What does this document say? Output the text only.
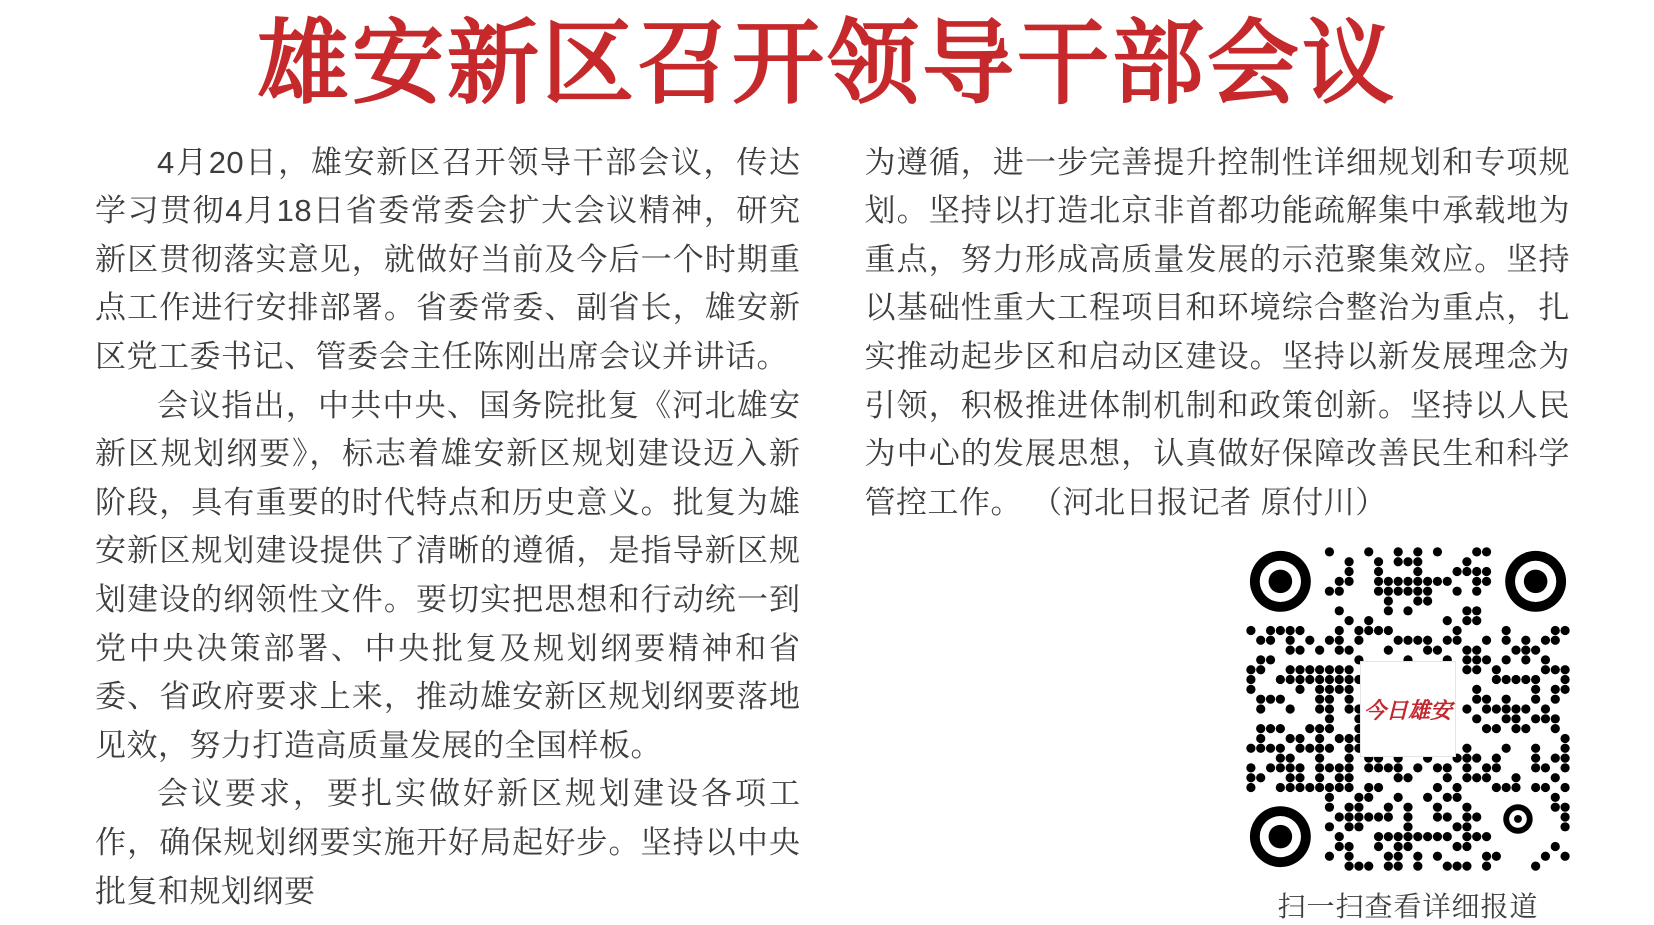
雄安新区召开领导干部会议

4月20日，雄安新区召开领导干部会议，传达学习贯彻4月18日省委常委会扩大会议精神，研究新区贯彻落实意见，就做好当前及今后一个时期重点工作进行安排部署。省委常委、副省长，雄安新区党工委书记、管委会主任陈刚出席会议并讲话。

会议指出，中共中央、国务院批复《河北雄安新区规划纲要》，标志着雄安新区规划建设迈入新阶段，具有重要的时代特点和历史意义。批复为雄安新区规划建设提供了清晰的遵循，是指导新区规划建设的纲领性文件。要切实把思想和行动统一到党中央决策部署、中央批复及规划纲要精神和省委、省政府要求上来，推动雄安新区规划纲要落地见效，努力打造高质量发展的全国样板。

会议要求，要扎实做好新区规划建设各项工作，确保规划纲要实施开好局起好步。坚持以中央批复和规划纲要

为遵循，进一步完善提升控制性详细规划和专项规划。坚持以打造北京非首都功能疏解集中承载地为重点，努力形成高质量发展的示范聚集效应。坚持以基础性重大工程项目和环境综合整治为重点，扎实推动起步区和启动区建设。坚持以新发展理念为引领，积极推进体制机制和政策创新。坚持以人民为中心的发展思想，认真做好保障改善民生和科学管控工作。 （河北日报记者 原付川）

今日雄安
扫一扫查看详细报道
